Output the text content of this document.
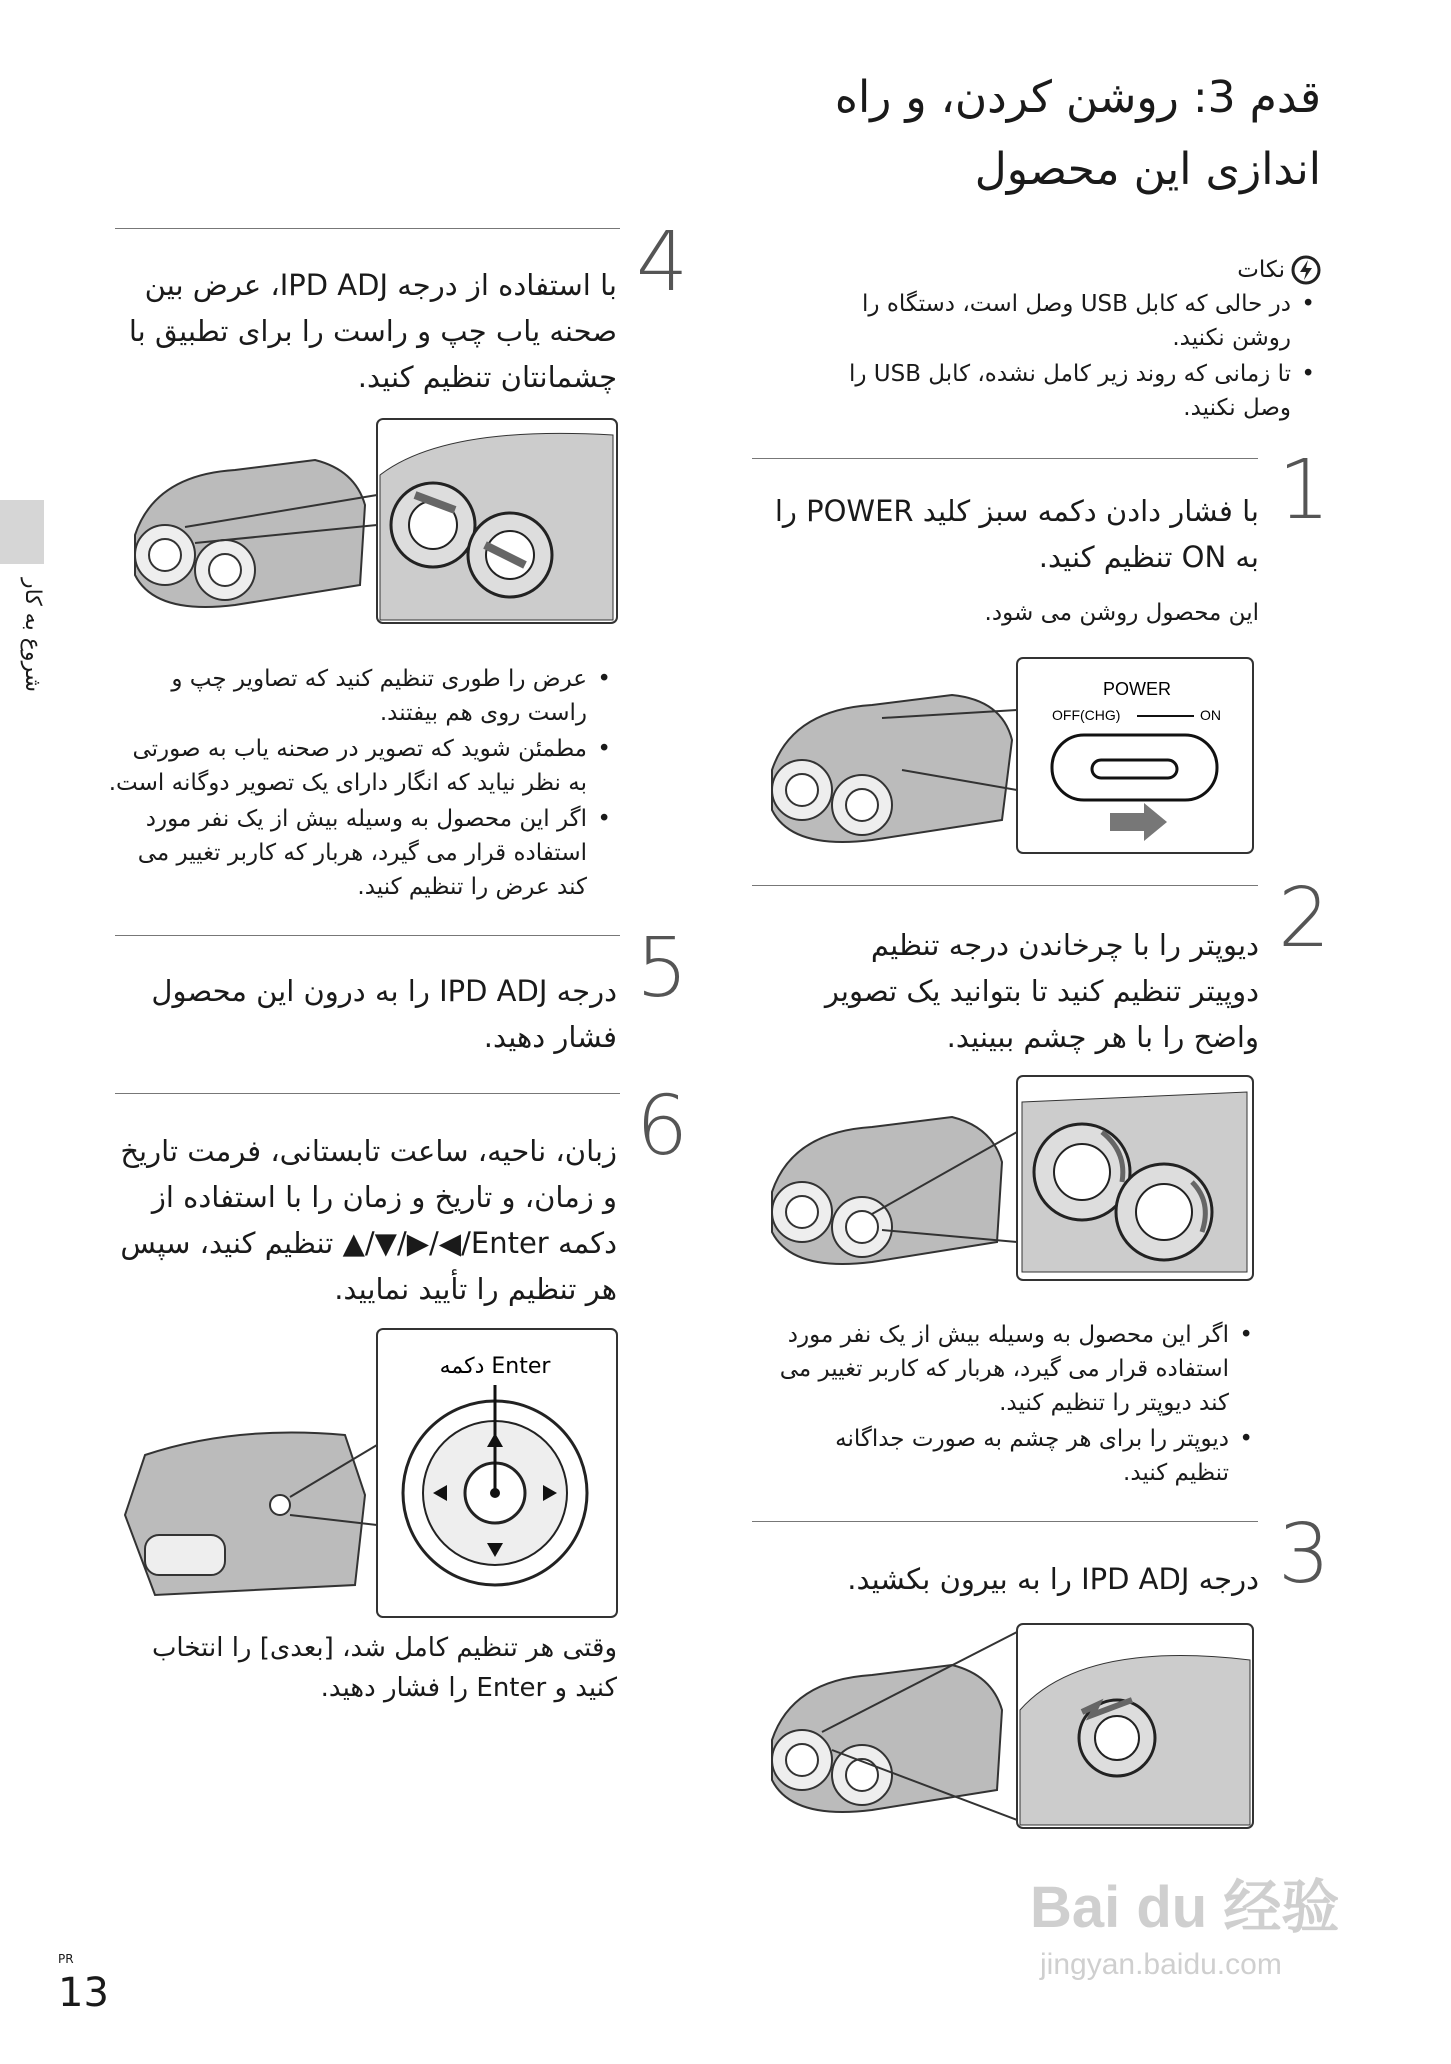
قدم 3: روشن کردن، و راه
اندازی این محصول
نکات
• در حالی که کابل USB وصل است، دستگاه را روشن نکنید.
• تا زمانی که روند زیر کامل نشده، کابل USB را وصل نکنید.
1
با فشار دادن دکمه سبز کلید POWER را به ON تنظیم کنید.
این محصول روشن می شود.
POWER
OFF(CHG)	ON
2
دیوپتر را با چرخاندن درجه تنظیم دوپیتر تنظیم کنید تا بتوانید یک تصویر واضح را با هر چشم ببینید.
• اگر این محصول به وسیله بیش از یک نفر مورد استفاده قرار می گیرد، هربار که کاربر تغییر می کند دیوپتر را تنظیم کنید.
• دیوپتر را برای هر چشم به صورت جداگانه تنظیم کنید.
3
درجه IPD ADJ را به بیرون بکشید.
4
با استفاده از درجه IPD ADJ، عرض بین صحنه یاب چپ و راست را برای تطبیق با چشمانتان تنظیم کنید.
• عرض را طوری تنظیم کنید که تصاویر چپ و راست روی هم بیفتند.
• مطمئن شوید که تصویر در صحنه یاب به صورتی به نظر نیاید که انگار دارای یک تصویر دوگانه است.
• اگر این محصول به وسیله بیش از یک نفر مورد استفاده قرار می گیرد، هربار که کاربر تغییر می کند عرض را تنظیم کنید.
5
درجه IPD ADJ را به درون این محصول فشار دهید.
6
زبان، ناحیه، ساعت تابستانی، فرمت تاریخ و زمان، و تاریخ و زمان را با استفاده از دکمه Enter/◀/▶/▼/▲ تنظیم کنید، سپس هر تنظیم را تأیید نمایید.
دکمه Enter
وقتی هر تنظیم کامل شد، [بعدی] را انتخاب کنید و Enter را فشار دهید.
شروع به کار
PR
13
Bai du 经验
jingyan.baidu.com
